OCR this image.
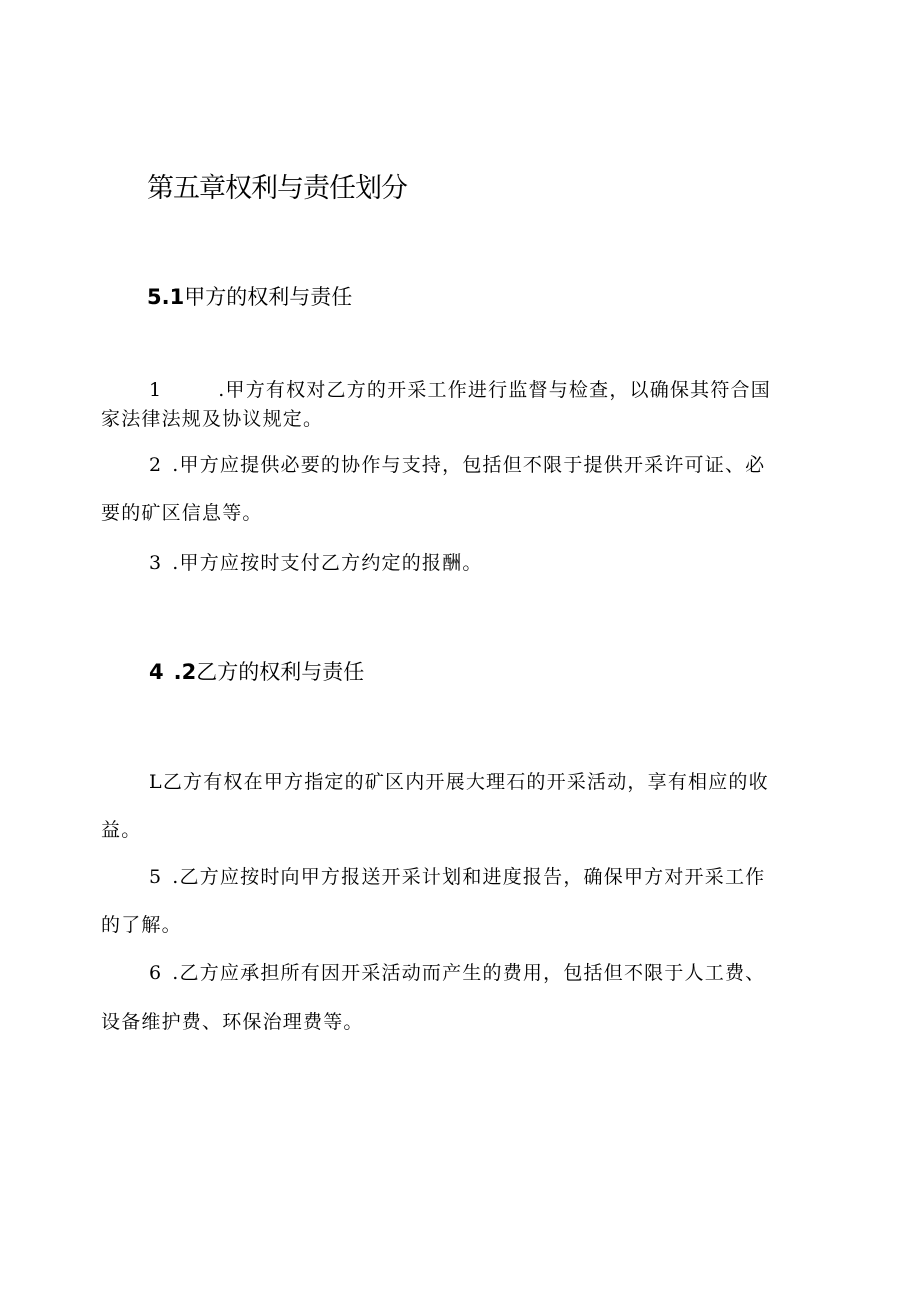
第五章权利与责任划分
5.1甲方的权利与责任
1	.甲方有权对乙方的开采工作进行监督与检查，以确保其符合国
家法律法规及协议规定。
2 .甲方应提供必要的协作与支持，包括但不限于提供开采许可证、必
要的矿区信息等。
3 .甲方应按时支付乙方约定的报酬。
4 .2乙方的权利与责任
L乙方有权在甲方指定的矿区内开展大理石的开采活动，享有相应的收
益。
5 .乙方应按时向甲方报送开采计划和进度报告，确保甲方对开采工作
的了解。
6 .乙方应承担所有因开采活动而产生的费用，包括但不限于人工费、
设备维护费、环保治理费等。
